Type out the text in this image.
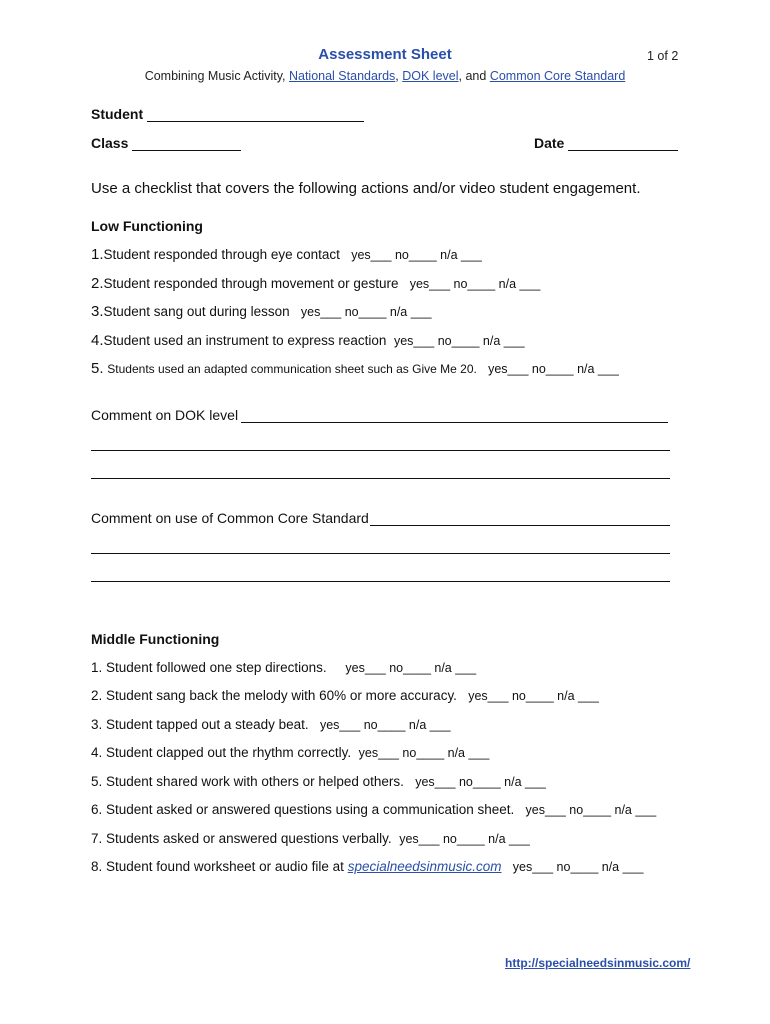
Assessment Sheet	1 of 2
Combining Music Activity, National Standards, DOK level, and Common Core Standard
Student
Class	Date
Use a checklist that covers the following actions and/or video student engagement.
Low Functioning
1.Student responded through eye contact yes___ no____ n/a ___
2.Student responded through movement or gesture yes___ no____ n/a ___
3.Student sang out during lesson yes___ no____ n/a ___
4.Student used an instrument to express reaction yes___ no____ n/a ___
5. Students used an adapted communication sheet such as Give Me 20. yes___ no____ n/a ___
Comment on DOK level
Comment on use of Common Core Standard
Middle Functioning
1. Student followed one step directions. yes___ no____ n/a ___
2. Student sang back the melody with 60% or more accuracy. yes___ no____ n/a ___
3. Student tapped out a steady beat. yes___ no____ n/a ___
4. Student clapped out the rhythm correctly. yes___ no____ n/a ___
5. Student shared work with others or helped others. yes___ no____ n/a ___
6. Student asked or answered questions using a communication sheet. yes___ no____ n/a ___
7. Students asked or answered questions verbally. yes___ no____ n/a ___
8. Student found worksheet or audio file at specialneedsinmusic.com yes___ no____ n/a ___
http://specialneedsinmusic.com/
